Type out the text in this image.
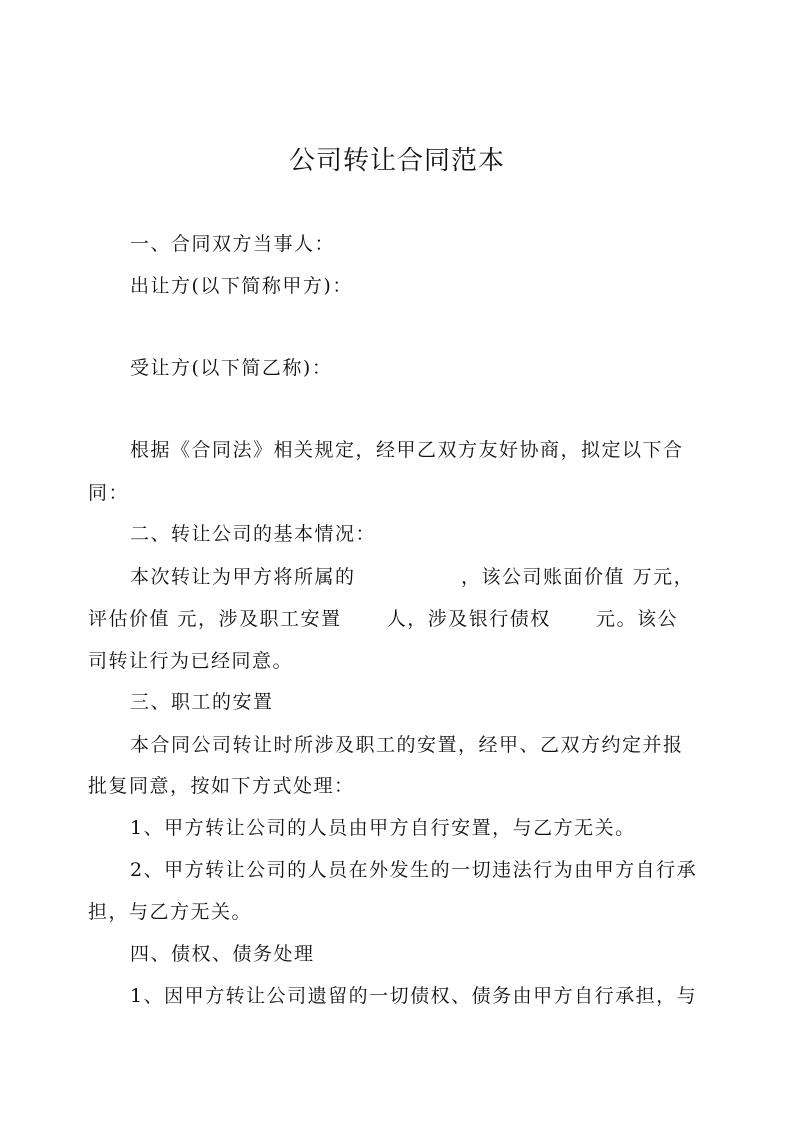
公司转让合同范本
一、合同双方当事人：
出让方(以下简称甲方)：
受让方(以下简乙称)：
根据《合同法》相关规定，经甲乙双方友好协商，拟定以下合
同：
二、转让公司的基本情况：
本次转让为甲方将所属的              ，该公司账面价值 万元，
评估价值 元，涉及职工安置      人，涉及银行债权      元。该公
司转让行为已经同意。
三、职工的安置
本合同公司转让时所涉及职工的安置，经甲、乙双方约定并报
批复同意，按如下方式处理：
1、甲方转让公司的人员由甲方自行安置，与乙方无关。
2、甲方转让公司的人员在外发生的一切违法行为由甲方自行承
担，与乙方无关。
四、债权、债务处理
1、因甲方转让公司遗留的一切债权、债务由甲方自行承担，与
